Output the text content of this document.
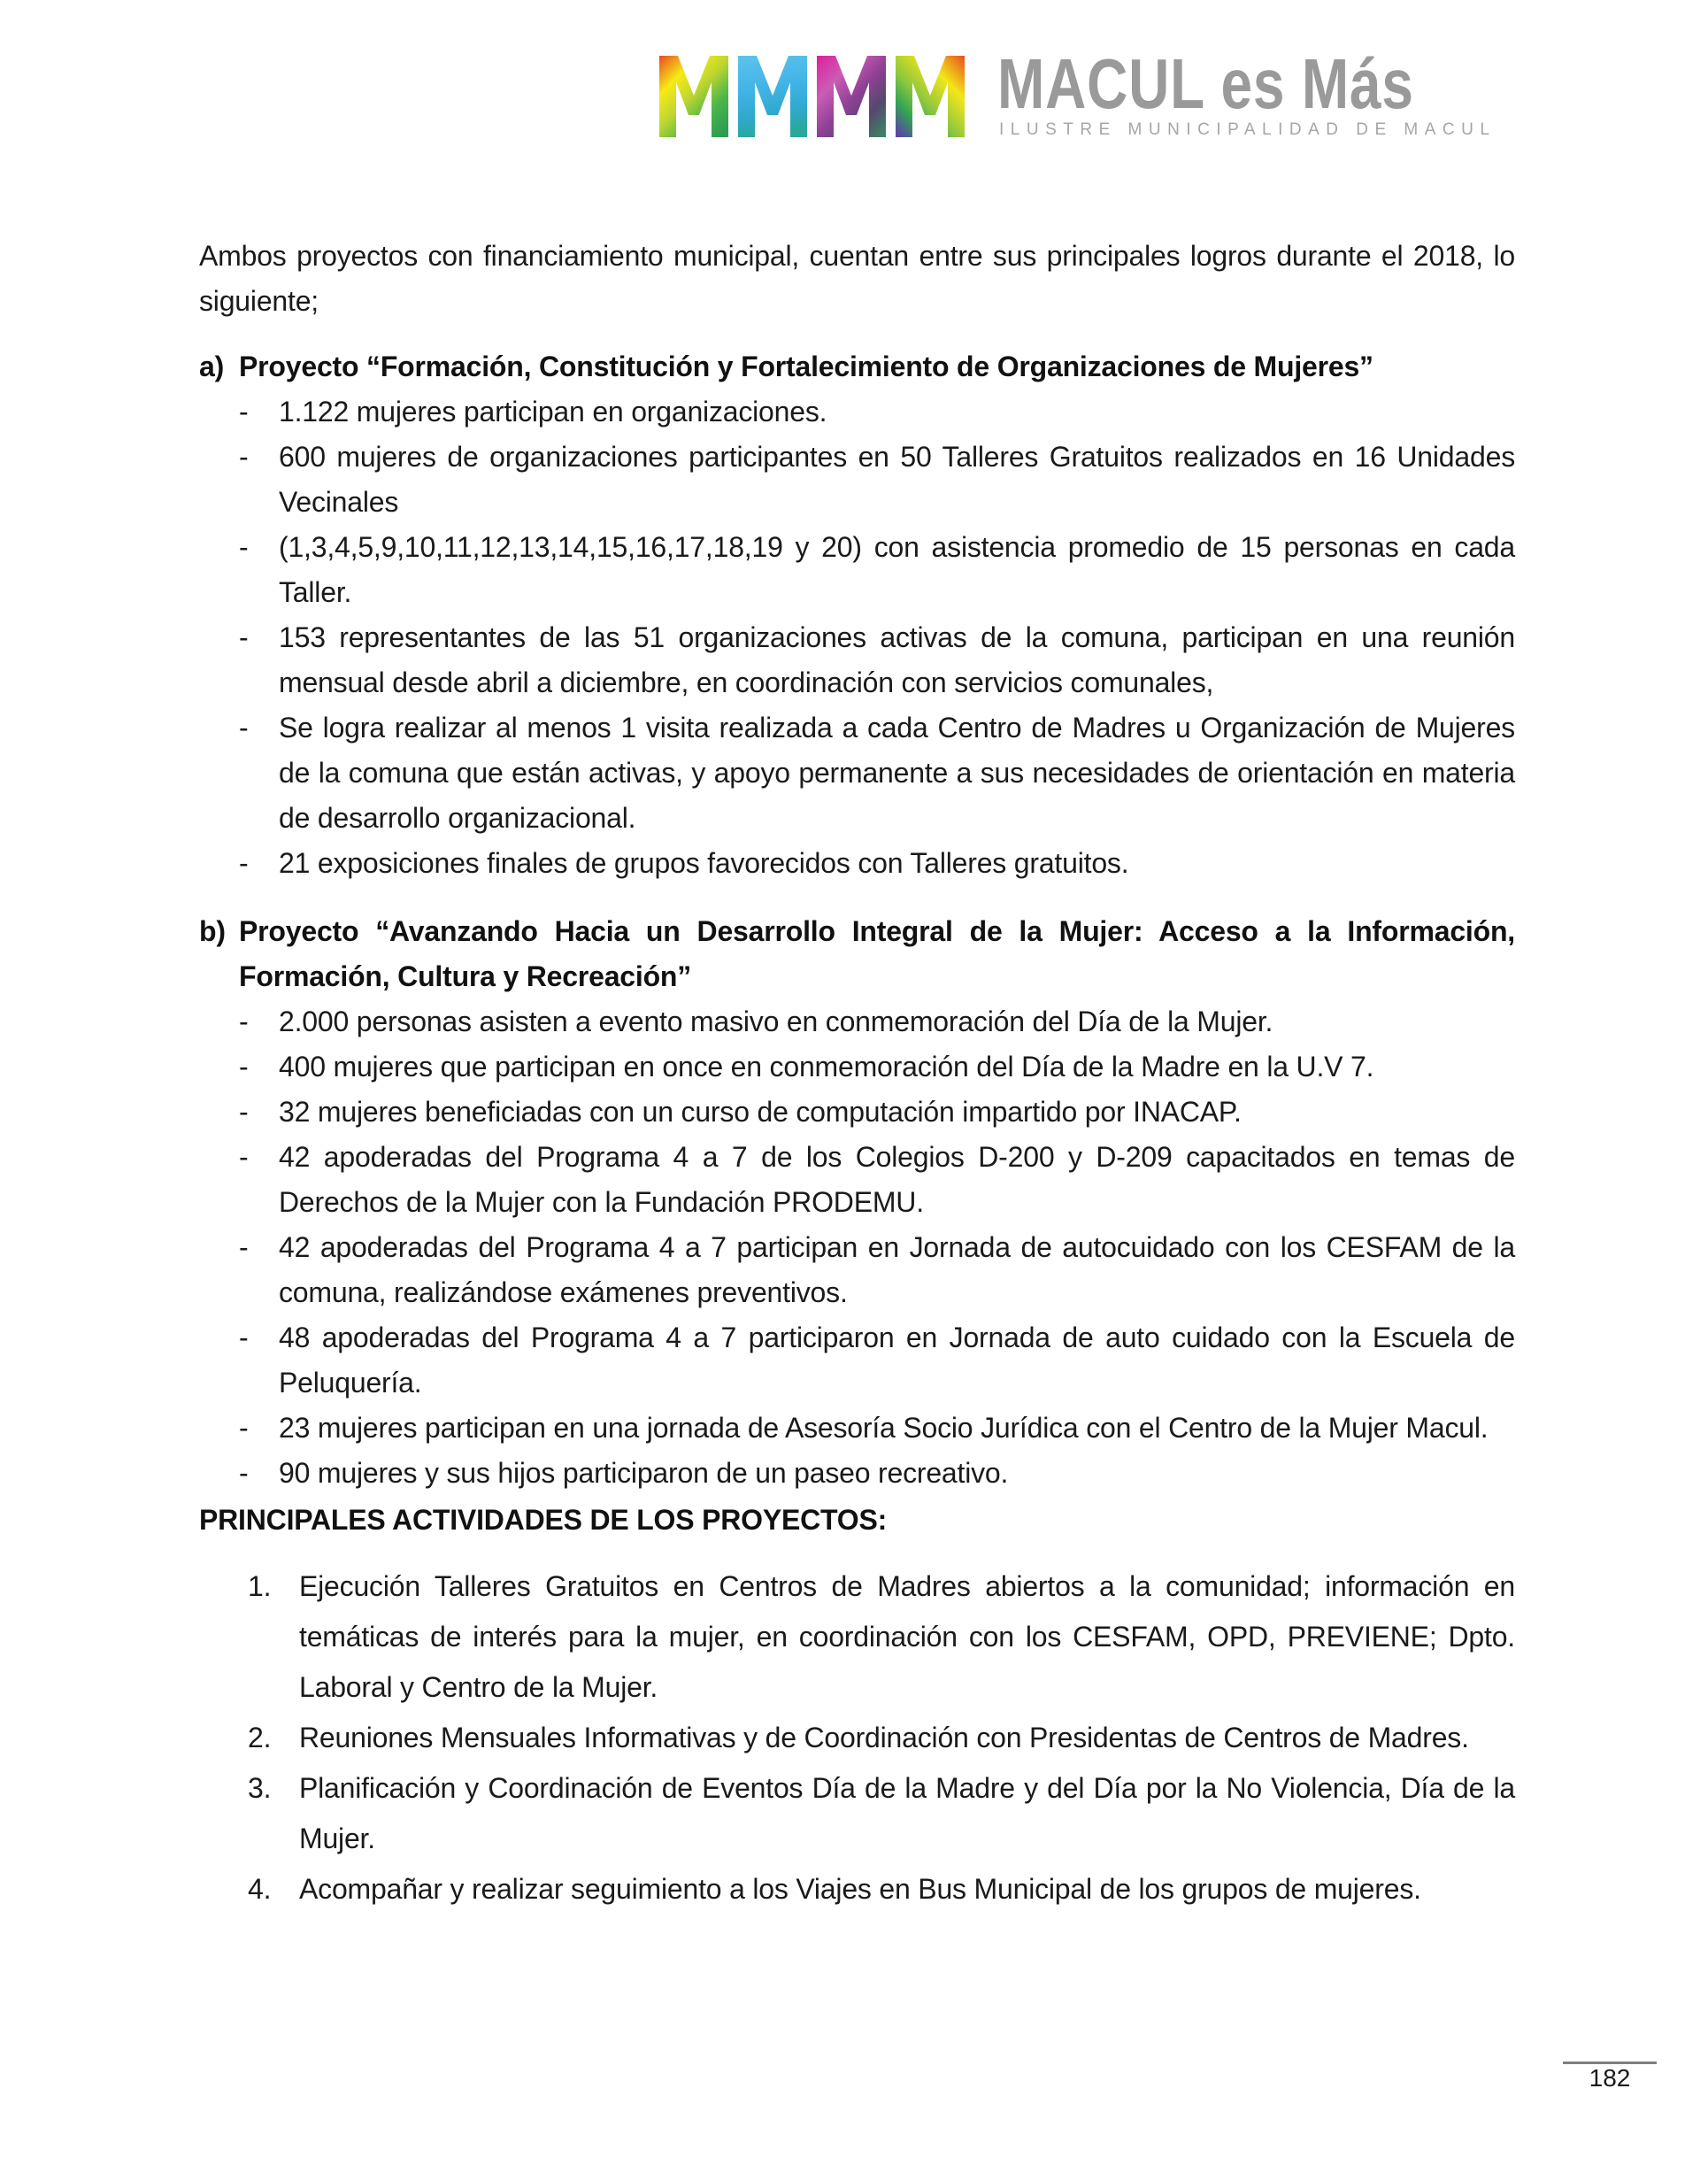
MACUL es Más
ILUSTRE MUNICIPALIDAD DE MACUL

Ambos proyectos con financiamiento municipal, cuentan entre sus principales logros durante el 2018, lo siguiente;

a) Proyecto “Formación, Constitución y Fortalecimiento de Organizaciones de Mujeres”
- 1.122 mujeres participan en organizaciones.
- 600 mujeres de organizaciones participantes en 50 Talleres Gratuitos realizados en 16 Unidades Vecinales
- (1,3,4,5,9,10,11,12,13,14,15,16,17,18,19 y 20) con asistencia promedio de 15 personas en cada Taller.
- 153 representantes de las 51 organizaciones activas de la comuna, participan en una reunión mensual desde abril a diciembre, en coordinación con servicios comunales,
- Se logra realizar al menos 1 visita realizada a cada Centro de Madres u Organización de Mujeres de la comuna que están activas, y apoyo permanente a sus necesidades de orientación en materia de desarrollo organizacional.
- 21 exposiciones finales de grupos favorecidos con Talleres gratuitos.
b) Proyecto “Avanzando Hacia un Desarrollo Integral de la Mujer: Acceso a la Información, Formación, Cultura y Recreación”
- 2.000 personas asisten a evento masivo en conmemoración del Día de la Mujer.
- 400 mujeres que participan en once en conmemoración del Día de la Madre en la U.V 7.
- 32 mujeres beneficiadas con un curso de computación impartido por INACAP.
- 42 apoderadas del Programa 4 a 7 de los Colegios D-200 y D-209 capacitados en temas de Derechos de la Mujer con la Fundación PRODEMU.
- 42 apoderadas del Programa 4 a 7 participan en Jornada de autocuidado con los CESFAM de la comuna, realizándose exámenes preventivos.
- 48 apoderadas del Programa 4 a 7 participaron en Jornada de auto cuidado con la Escuela de Peluquería.
- 23 mujeres participan en una jornada de Asesoría Socio Jurídica con el Centro de la Mujer Macul.
- 90 mujeres y sus hijos participaron de un paseo recreativo.
PRINCIPALES ACTIVIDADES DE LOS PROYECTOS:
1. Ejecución Talleres Gratuitos en Centros de Madres abiertos a la comunidad; información en temáticas de interés para la mujer, en coordinación con los CESFAM, OPD, PREVIENE; Dpto. Laboral y Centro de la Mujer.
2. Reuniones Mensuales Informativas y de Coordinación con Presidentas de Centros de Madres.
3. Planificación y Coordinación de Eventos Día de la Madre y del Día por la No Violencia, Día de la Mujer.
4. Acompañar y realizar seguimiento a los Viajes en Bus Municipal de los grupos de mujeres.
182
